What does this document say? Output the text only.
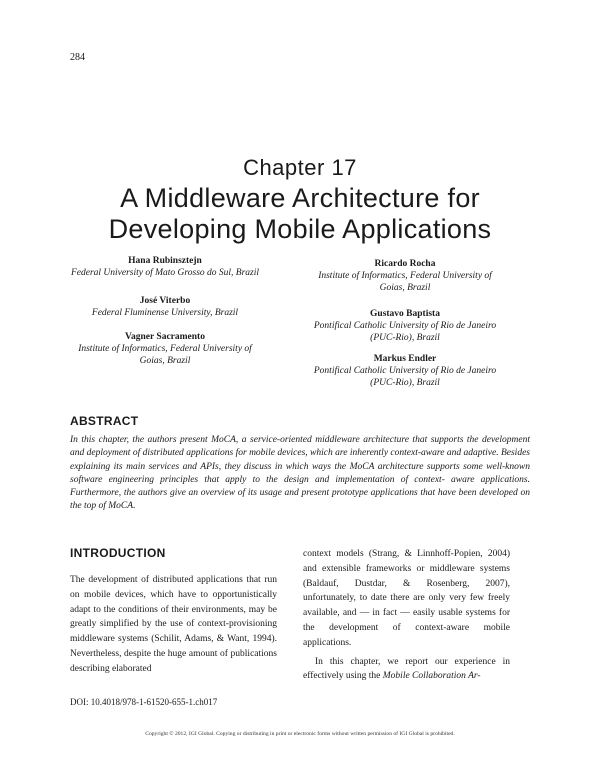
284
Chapter 17
A Middleware Architecture for
Developing Mobile Applications
Hana Rubinsztejn
Federal University of Mato Grosso do Sul, Brazil
José Viterbo
Federal Fluminense University, Brazil
Vagner Sacramento
Institute of Informatics, Federal University of
Goias, Brazil
Ricardo Rocha
Institute of Informatics, Federal University of
Goias, Brazil
Gustavo Baptista
Pontifical Catholic University of Rio de Janeiro
(PUC-Rio), Brazil
Markus Endler
Pontifical Catholic University of Rio de Janeiro
(PUC-Rio), Brazil
ABSTRACT

In this chapter, the authors present MoCA, a service-oriented middleware architecture that supports the development and deployment of distributed applications for mobile devices, which are inherently context-aware and adaptive. Besides explaining its main services and APIs, they discuss in which ways the MoCA architecture supports some well-known software engineering principles that apply to the design and implementation of context- aware applications. Furthermore, the authors give an overview of its usage and present prototype applications that have been developed on the top of MoCA.

INTRODUCTION

The development of distributed applications that run on mobile devices, which have to opportunistically adapt to the conditions of their environments, may be greatly simplified by the use of context-provisioning middleware systems (Schilit, Adams, & Want, 1994). Nevertheless, despite the huge amount of publications describing elaborated

context models (Strang, & Linnhoff-Popien, 2004) and extensible frameworks or middleware systems (Baldauf, Dustdar, & Rosenberg, 2007), unfortunately, to date there are only very few freely available, and — in fact — easily usable systems for the development of context-aware mobile applications.

In this chapter, we report our experience in effectively using the Mobile Collaboration Ar-

DOI: 10.4018/978-1-61520-655-1.ch017
Copyright © 2012, IGI Global. Copying or distributing in print or electronic forms without written permission of IGI Global is prohibited.
